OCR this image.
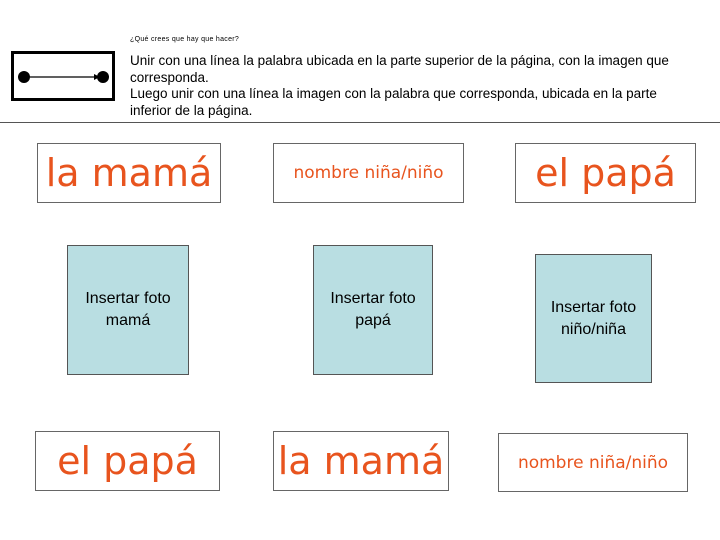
¿Qué crees que hay que hacer?

Unir con una línea la palabra ubicada en la parte superior de la página, con la imagen que corresponda.

Luego unir con una línea la imagen con la palabra que corresponda, ubicada en la parte inferior de la página.

la mamá	nombre niña/niño	el papá
Insertar foto
mamá
Insertar foto
papá
Insertar foto
niño/niña
el papá	la mamá	nombre niña/niño
